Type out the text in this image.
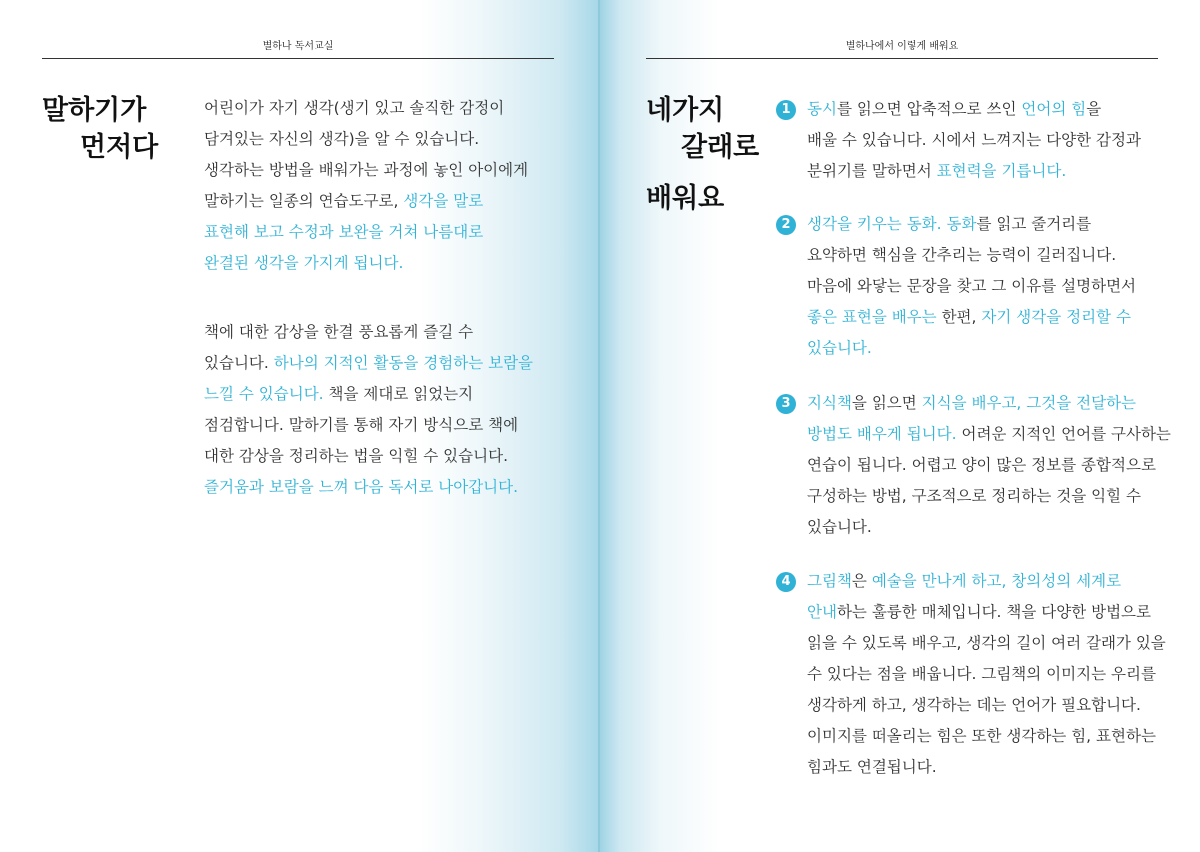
별하나 독서교실	별하나에서 이렇게 배워요
말하기가
먼저다
어린이가 자기 생각(생기 있고 솔직한 감정이
담겨있는 자신의 생각)을 알 수 있습니다.
생각하는 방법을 배워가는 과정에 놓인 아이에게
말하기는 일종의 연습도구로, 생각을 말로
표현해 보고 수정과 보완을 거쳐 나름대로
완결된 생각을 가지게 됩니다.
책에 대한 감상을 한결 풍요롭게 즐길 수
있습니다. 하나의 지적인 활동을 경험하는 보람을
느낄 수 있습니다. 책을 제대로 읽었는지
점검합니다. 말하기를 통해 자기 방식으로 책에
대한 감상을 정리하는 법을 익힐 수 있습니다.
즐거움과 보람을 느껴 다음 독서로 나아갑니다.
네가지
갈래로
배워요
1	동시를 읽으면 압축적으로 쓰인 언어의 힘을
배울 수 있습니다. 시에서 느껴지는 다양한 감정과
분위기를 말하면서 표현력을 기릅니다.
2	생각을 키우는 동화. 동화를 읽고 줄거리를
요약하면 핵심을 간추리는 능력이 길러집니다.
마음에 와닿는 문장을 찾고 그 이유를 설명하면서
좋은 표현을 배우는 한편, 자기 생각을 정리할 수
있습니다.
3	지식책을 읽으면 지식을 배우고, 그것을 전달하는
방법도 배우게 됩니다. 어려운 지적인 언어를 구사하는
연습이 됩니다. 어렵고 양이 많은 정보를 종합적으로
구성하는 방법, 구조적으로 정리하는 것을 익힐 수
있습니다.
4	그림책은 예술을 만나게 하고, 창의성의 세계로
안내하는 훌륭한 매체입니다. 책을 다양한 방법으로
읽을 수 있도록 배우고, 생각의 길이 여러 갈래가 있을
수 있다는 점을 배웁니다. 그림책의 이미지는 우리를
생각하게 하고, 생각하는 데는 언어가 필요합니다.
이미지를 떠올리는 힘은 또한 생각하는 힘, 표현하는
힘과도 연결됩니다.
